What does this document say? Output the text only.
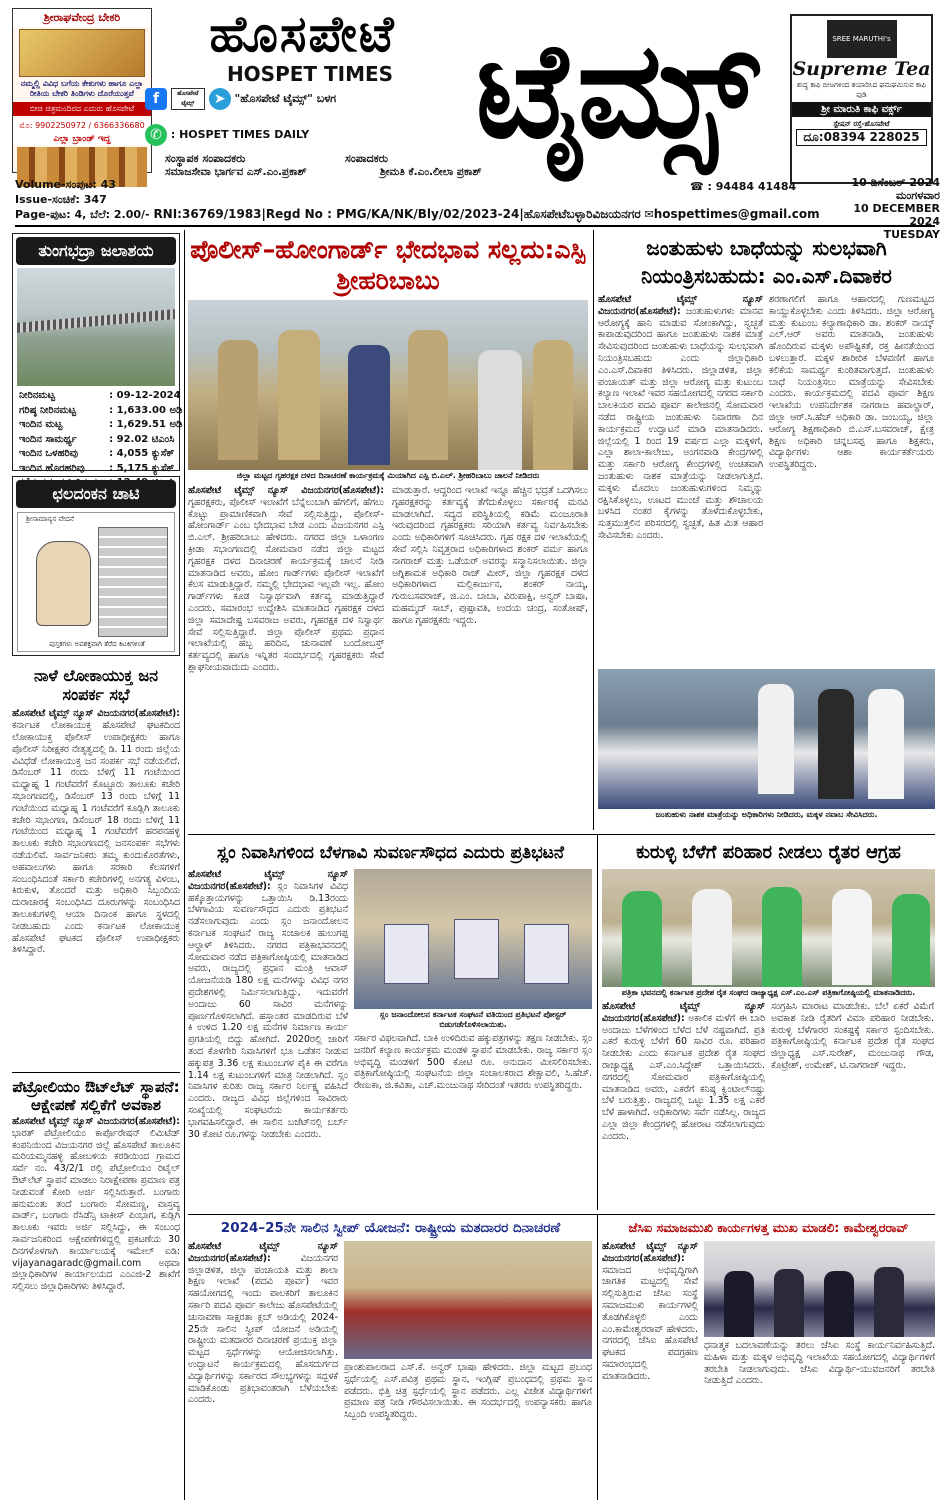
ಶ್ರೀರಾಘವೇಂದ್ರ ಬೇಕರಿ
ನಮ್ಮಲ್ಲಿ ವಿವಿಧ ಬಗೆಯ ಕೇಕುಗಳು ಹಾಗೂ ಎಲ್ಲಾ ರೀತಿಯ ಬೇಕರಿ ತಿಂಡಿಗಳು ದೊರೆಯುತ್ತವೆ
ಬೀಚಿ ಚಿತ್ರಮಂದಿರದ ಎದುರು ಹೊಸಪೇಟೆ
ಮೊ: 9902250972 / 6366336680
ಎಲ್ಲಾ ಬ್ರಾಂಡ್ ಇದ್ದ
ಹೊಸಪೇಟೆ
HOSPET TIMES ಟೈಮ್ಸ್
f	ಹೊಸಪೇಟೆ ಟೈಮ್ಸ್ ➤ "ಹೊಸಪೇಟೆ ಟೈಮ್ಸ್" ಬಳಗ
✆ : HOSPET TIMES DAILY
ಸಂಸ್ಥಾಪಕ ಸಂಪಾದಕರು	ಸಂಪಾದಕರು
ಸಮಾಜಸೇವಾ ಭಾರ್ಗವ ಎಸ್.ಎಂ.ಪ್ರಕಾಶ್	ಶ್ರೀಮತಿ ಕೆ.ಎಂ.ಲೀಲಾ ಪ್ರಕಾಶ್
SREE MARUTHI's
Supreme Tea
ಶುದ್ಧ ಕಾಫಿ ಬೀಜಗಳಿಂದ ತಯಾರಿಸಿದ ಘಮಘಮಿಸುವ ಕಾಫಿ ಪುಡಿ
ಶ್ರೀ ಮಾರುತಿ ಕಾಫಿ ವರ್ಕ್ಸ್
ಸ್ಟೇಷನ್ ರಸ್ತೆ-ಹೊಸಪೇಟೆ
ದೂ:08394 228025
Volume-ಸಂಪುಟ: 43
Issue-ಸಂಚಿಕೆ: 347
☎ : 94484 41484	10 ಡಿಸೆಂಬರ್ 2024
ಮಂಗಳವಾರ
10 DECEMBER 2024
TUESDAY
Page-ಪುಟ: 4, ಬೆಲೆ: 2.00/- RNI:36769/1983|Regd No : PMG/KA/NK/Bly/02/2023-24|ಹೊಸಪೇಟೆಬಳ್ಳಾರಿವಿಜಯನಗರ ✉hospettimes@gmail.com
ತುಂಗಭದ್ರಾ ಜಲಾಶಯ
ನೀರಿನಮಟ್ಟ	: 09-12-2024
ಗರಿಷ್ಠ ನೀರಿನಮಟ್ಟ	: 1,633.00 ಅಡಿ
ಇಂದಿನ ಮಟ್ಟ	: 1,629.51 ಅಡಿ
ಇಂದಿನ ಸಾಮರ್ಥ್ಯ	: 92.02 ಟಿಎಂಸಿ
ಇಂದಿನ ಒಳಹರಿವು	: 4,055 ಕ್ಯುಸೆಕ್
ಇಂದಿನ ಹೊರಹರಿವು	: 5,175 ಕ್ಯುಸೆಕ್

ಛಲದಂಕನ ಚಾಟಿ
ಶ್ರೀಸಾಮಾನ್ಯನ ವೇದನೆ
ಪುಸ್ತಕಗಳು ಅವಶಕ್ತವಾಗಿ ತೆರೆದ ಕಿಟಕಿಗಳಿಂತೆ
ನಾಳೆ ಲೋಕಾಯುಕ್ತ ಜನ ಸಂಪರ್ಕ ಸಭೆ
ಹೊಸಪೇಟೆ ಟೈಮ್ಸ್ ನ್ಯೂಸ್ ವಿಜಯನಗರ(ಹೊಸಪೇಟೆ): ಕರ್ನಾಟಕ ಲೋಕಾಯುಕ್ತ ಹೊಸಪೇಟೆ ಘಟಕದಿಂದ ಲೋಕಾಯುಕ್ತ ಪೊಲೀಸ್ ಉಪಾಧೀಕ್ಷಕರು ಹಾಗೂ ಪೊಲೀಸ್ ನಿರೀಕ್ಷಕರ ನೇತೃತ್ವದಲ್ಲಿ ಡಿ. 11 ರಂದು ಜಿಲ್ಲೆಯ ವಿವಿಧೆಡೆ ಲೋಕಾಯುಕ್ತ ಜನ ಸಂಪರ್ಕ ಸಭೆ ನಡೆಯಲಿದೆ. ಡಿಸೆಂಬರ್ 11 ರಂದು ಬೆಳಿಗ್ಗೆ 11 ಗಂಟೆಯಿಂದ ಮಧ್ಯಾಹ್ನ 1 ಗಂಟೆವರೆಗೆ ಕೊಟ್ಟೂರು ತಾಲೂಕು ಕಚೇರಿ ಸಭಾಂಗಣದಲ್ಲಿ, ಡಿಸೆಂಬರ್ 13 ರಂದು ಬೆಳಿಗ್ಗೆ 11 ಗಂಟೆಯಿಂದ ಮಧ್ಯಾಹ್ನ 1 ಗಂಟೆವರೆಗೆ ಕೂಡ್ಲಿಗಿ ತಾಲೂಕು ಕಚೇರಿ ಸಭಾಂಗಣ, ಡಿಸೆಂಬರ್ 18 ರಂದು ಬೆಳಿಗ್ಗೆ 11 ಗಂಟೆಯಿಂದ ಮಧ್ಯಾಹ್ನ 1 ಗಂಟೆವರೆಗೆ ಹರಪನಹಳ್ಳಿ ತಾಲೂಕು ಕಚೇರಿ ಸಭಾಂಗಣದಲ್ಲಿ ಜನಸಂಪರ್ಕ ಸಭೆಗಳು ನಡೆಯಲಿವೆ. ಸಾರ್ವಜನಿಕರು ತಮ್ಮ ಕುಂದುಕೊರತೆಗಳು, ಅಹವಾಲುಗಳು ಹಾಗೂ ಸರಕಾರಿ ಕೆಲಸಗಳಿಗೆ ಸಂಬಂಧಿಸಿದಂತೆ ಸರ್ಕಾರಿ ಕಚೇರಿಗಳಲ್ಲಿ ಅನಗತ್ಯ ವಿಳಂಬ, ಕಿರುಕುಳ, ತೊಂದರೆ ಮತ್ತು ಅಧಿಕಾರಿ ಸಿಬ್ಬಂದಿಯ ದುರಾಚಾರಕ್ಕೆ ಸಂಬಂಧಿಸಿದ ದೂರುಗಳನ್ನು ಸಂಬಂಧಿಸಿದ ತಾಲೂಕುಗಳಲ್ಲಿ ಆಯಾ ದಿನಾಂಕ ಹಾಗೂ ಸ್ಥಳದಲ್ಲಿ ನೀಡಬಹುದು ಎಂದು ಕರ್ನಾಟಕ ಲೋಕಾಯುಕ್ತ ಹೊಸಪೇಟೆ ಘಟಕದ ಪೊಲೀಸ್ ಉಪಾಧೀಕ್ಷಕರು ತಿಳಿಸಿದ್ದಾರೆ.
ಪೆಟ್ರೋಲಿಯಂ ಔಟ್‌ಲೆಟ್ ಸ್ಥಾಪನೆ: ಆಕ್ಷೇಪಣೆ ಸಲ್ಲಿಕೆಗೆ ಅವಕಾಶ
ಹೊಸಪೇಟೆ ಟೈಮ್ಸ್ ನ್ಯೂಸ್ ವಿಜಯನಗರ(ಹೊಸಪೇಟೆ): ಭಾರತ್ ಪೆಟ್ರೋಲಿಯಂ ಕಾರ್ಪೊರೇಷನ್ ಲಿಮಿಟೆಡ್ ಕಂಪನಿಯಿಂದ ವಿಜಯನಗರ ಜಿಲ್ಲೆ ಹೊಸಪೇಟೆ ತಾಲೂಕಿನ ಮರಿಯಮ್ಮನಹಳ್ಳಿ ಹೋಬಳಿಯ ಕರಡಿಯಿಂದ ಗ್ರಾಮದ ಸರ್ವೆ ನಂ. 43/2/1 ರಲ್ಲಿ ಪೆಟ್ರೋಲಿಯಂ ರಿಟೈಲ್ ಔಟ್‌ಲೆಟ್ ಸ್ಥಾಪನೆ ಮಾಡಲು ನಿರಾಕ್ಷೇಪಣಾ ಪ್ರಮಾಣ ಪತ್ರ ನೀಡುವಂತೆ ಕೋರಿ ಅರ್ಜಿ ಸಲ್ಲಿಸಿರುತ್ತಾರೆ. ಬಂಗಾರು ಹನುಮಂತು ತಂದೆ ಬಂಗಾರು ಸೋಮಣ್ಣ, ವಾಸ್ತವ್ಯ ವಾರ್ಡ್, ಬಂಗಾರು ರೆಸಿಡೆನ್ಸಿ ಟಾಕೀಸ್ ಪಿಂಭಾಗ, ಕುಡ್ಲಿಗಿ ತಾಲೂಕು ಇವರು ಅರ್ಜಿ ಸಲ್ಲಿಸಿದ್ದು, ಈ ಸಂಬಂಧ ಸಾರ್ವಜನಿಕರಿಂದ ಆಕ್ಷೇಪಣೆಗಳಿದ್ದಲ್ಲಿ ಪ್ರಕಟಣೆಯ 30 ದಿನಗಳೊಳಗಾಗಿ ಕಾರ್ಯಾಲಯಕ್ಕೆ ಇಮೇಲ್ ಐಡಿ: vijayanagaradc@gmail.com ಅಥವಾ ಜಿಲ್ಲಾಧಿಕಾರಿಗಳ ಕಾರ್ಯಾಲಯದ ಎಂಎಜಿ-2 ಶಾಖೆಗೆ ಸಲ್ಲಿಸಲು ಜಿಲ್ಲಾಧಿಕಾರಿಗಳು ತಿಳಿಸಿದ್ದಾರೆ.
ಪೊಲೀಸ್–ಹೋಂಗಾರ್ಡ್ ಭೇದಭಾವ ಸಲ್ಲದು:ಎಸ್ಪಿ ಶ್ರೀಹರಿಬಾಬು
ಜಿಲ್ಲಾ ಮಟ್ಟದ ಗೃಹರಕ್ಷಕ ದಳದ ದಿನಾಚರಣೆ ಕಾರ್ಯಕ್ರಮಕ್ಕೆ ಮಿಯಾಗಿದ ಎಸ್ಪಿ ಬಿ.ಎಲ್. ಶ್ರೀಹರಿಬಾಬು ಚಾಲನೆ ನೀಡಿದರು
ಹೊಸಪೇಟೆ ಟೈಮ್ಸ್ ನ್ಯೂಸ್ ವಿಜಯನಗರ(ಹೊಸಪೇಟೆ): ಗೃಹರಕ್ಷಕರು, ಪೊಲೀಸ್ ಇಲಾಖೆಗೆ ಬೆನ್ನೆಲುಬಾಗಿ ಹೆಗಲಿಗೆ, ಹೆಗಲು ಕೊಟ್ಟು ಪ್ರಾಮಾಣಿಕವಾಗಿ ಸೇವೆ ಸಲ್ಲಿಸುತ್ತಿದ್ದು, ಪೊಲೀಸ್-ಹೋಂಗಾರ್ಡ್ ಎಂಬ ಭೇದಭಾವ ಬೇಡ ಎಂದು ವಿಜಯನಗರ ಎಸ್ಪಿ ಬಿ.ಎಲ್. ಶ್ರೀಹರಿಬಾಬು ಹೇಳಿದರು. ನಗರದ ಜಿಲ್ಲಾ ಒಳಾಂಗಣ ಕ್ರೀಡಾ ಸಭಾಂಗಣದಲ್ಲಿ ಸೋಮವಾರ ನಡೆದ ಜಿಲ್ಲಾ ಮಟ್ಟದ ಗೃಹರಕ್ಷಕ ದಳದ ದಿನಾಚರಣೆ ಕಾರ್ಯಕ್ರಮಕ್ಕೆ ಚಾಲನೆ ನೀಡಿ ಮಾತನಾಡಿದ ಅವರು, ಹೋಂ ಗಾರ್ಡ್‌ಗಳು ಪೊಲೀಸ್ ಇಲಾಖೆಗೆ ಕೆಲಸ ಮಾಡುತ್ತಿದ್ದಾರೆ. ನಮ್ಮಲ್ಲಿ ಭೇದಭಾವ ಇಲ್ಲವೇ ಇಲ್ಲ. ಹೋಂ ಗಾರ್ಡ್‌ಗಳು ಕೂಡ ನಿಸ್ವಾರ್ಥವಾಗಿ ಕರ್ತವ್ಯ ಮಾಡುತ್ತಿದ್ದಾರೆ ಎಂದರು. ಸಮಾರಂಭ ಉದ್ದೇಶಿಸಿ ಮಾತನಾಡಿದ ಗೃಹರಕ್ಷಕ ದಳದ ಜಿಲ್ಲಾ ಸಮಾದೇಷ್ಟ ಬಸವರಾಜ ಅವರು, ಗೃಹರಕ್ಷಕ ದಳ ನಿಸ್ವಾರ್ಥ ಸೇವೆ ಸಲ್ಲಿಸುತ್ತಿದ್ದಾರೆ. ಜಿಲ್ಲಾ ಪೊಲೀಸ್ ಪ್ರಥಮ ಪ್ರಧಾನ ಇಲಾಖೆಯಲ್ಲಿ ಹಬ್ಬ ಹರಿದಿನ, ಚುನಾವಣೆ ಬಂದೋಬಸ್ತ್ ಕರ್ತವ್ಯದಲ್ಲಿ ಹಾಗೂ ಇನ್ನಿತರ ಸಂದರ್ಭದಲ್ಲಿ ಗೃಹರಕ್ಷಕರು ಸೇವೆ ಶ್ಲಾಘನೀಯವಾದುದು ಎಂದರು.
ಮಾಡುತ್ತಾರೆ. ಆದ್ದರಿಂದ ಇಲಾಖೆ ಇನ್ನೂ ಹೆಚ್ಚಿನ ಭದ್ರತೆ ಒದಗಿಸಲು ಗೃಹರಕ್ಷಕರನ್ನು ಕರ್ತವ್ಯಕ್ಕೆ ತೆಗೆದುಕೊಳ್ಳಲು ಸರ್ಕಾರಕ್ಕೆ ಮನವಿ ಮಾಡಲಾಗಿದೆ. ಸದ್ಯದ ಪರಿಸ್ಥಿತಿಯಲ್ಲಿ ಕಡಿಮೆ ಮಂಜೂರಾತಿ ಇರುವುದರಿಂದ ಗೃಹರಕ್ಷಕರು ಸರಿಯಾಗಿ ಕರ್ತವ್ಯ ನಿರ್ವಹಿಸಬೇಕು ಎಂದು ಅಧಿಕಾರಿಗಳಿಗೆ ಸೂಚಿಸಿದರು. ಗೃಹ ರಕ್ಷಕ ದಳ ಇಲಾಖೆಯಲ್ಲಿ ಸೇವೆ ಸಲ್ಲಿಸಿ ನಿವೃತ್ತರಾದ ಅಧಿಕಾರಿಗಳಾದ ಶಂಕರ್ ವರ್ಮ ಹಾಗೂ ನಾಗರಾಜ್ ಮತ್ತು ಒಡೆಯರ್ ಅವರನ್ನು ಸನ್ಮಾನಿಸಲಾಯಿತು. ಜಿಲ್ಲಾ ಅಗ್ನಿಶಾಮಕ ಅಧಿಕಾರಿ ರಾಜ್ ಮೀರ್, ಜಿಲ್ಲಾ ಗೃಹರಕ್ಷಕ ದಳದ ಅಧಿಕಾರಿಗಳಾದ ಮಲ್ಲಿಕಾರ್ಜುನ, ಶಂಕರ್ ನಾಯ್ಕ, ಗುರುಬಸವರಾಜ್, ಜಿ.ಎಂ. ಬಾಬಾ, ವಿರುಪಾಕ್ಷಿ, ಅನ್ವರ್ ಬಾಷಾ, ಮಹಮ್ಮದ್ ಸಾಬ್, ಪುಷ್ಪಾವತಿ, ಉದಯ ಚಂದ್ರ, ಸಂತೋಷ್, ಹಾಗೂ ಗೃಹರಕ್ಷಕರು ಇದ್ದರು.
ಜಂತುಹುಳು ಬಾಧೆಯನ್ನು ಸುಲಭವಾಗಿ ನಿಯಂತ್ರಿಸಬಹುದು: ಎಂ.ಎಸ್.ದಿವಾಕರ
ಹೊಸಪೇಟೆ ಟೈಮ್ಸ್ ನ್ಯೂಸ್ ವಿಜಯನಗರ(ಹೊಸಪೇಟೆ): ಜಂತುಹುಳುಗಳು ಮಾನವ ಆರೋಗ್ಯಕ್ಕೆ ಹಾನಿ ಮಾಡುವ ಸೋಂಕಾಗಿದ್ದು, ಸ್ವಚ್ಛತೆ ಕಾಪಾಡುವುದರಿಂದ ಹಾಗೂ ಜಂತುಹುಳು ನಾಶಕ ಮಾತ್ರೆ ಸೇವಿಸುವುದರಿಂದ ಜಂತುಹುಳು ಬಾಧೆಯನ್ನು ಸುಲಭವಾಗಿ ನಿಯಂತ್ರಿಸಬಹುದು ಎಂದು ಜಿಲ್ಲಾಧಿಕಾರಿ ಎಂ.ಎಸ್.ದಿವಾಕರ ತಿಳಿಸಿದರು. ಜಿಲ್ಲಾಡಳಿತ, ಜಿಲ್ಲಾ ಪಂಚಾಯತ್ ಮತ್ತು ಜಿಲ್ಲಾ ಆರೋಗ್ಯ ಮತ್ತು ಕುಟುಂಬ ಕಲ್ಯಾಣ ಇಲಾಖೆ ಇವರ ಸಹಯೋಗದಲ್ಲಿ ನಗರದ ಸರ್ಕಾರಿ ಬಾಲಕಿಯರ ಪದವಿ ಪೂರ್ವ ಕಾಲೇಜಿನಲ್ಲಿ ಸೋಮವಾರ ನಡೆದ ರಾಷ್ಟ್ರೀಯ ಜಂತುಹುಳು ನಿವಾರಣಾ ದಿನ ಕಾರ್ಯಕ್ರಮದ ಉದ್ಘಾಟನೆ ಮಾಡಿ ಮಾತನಾಡಿದರು. ಜಿಲ್ಲೆಯಲ್ಲಿ 1 ರಿಂದ 19 ವರ್ಷದ ಎಲ್ಲಾ ಮಕ್ಕಳಿಗೆ, ಎಲ್ಲಾ ಶಾಲಾ-ಕಾಲೇಜು, ಅಂಗನವಾಡಿ ಕೇಂದ್ರಗಳಲ್ಲಿ ಮತ್ತು ಸರ್ಕಾರಿ ಆರೋಗ್ಯ ಕೇಂದ್ರಗಳಲ್ಲಿ ಉಚಿತವಾಗಿ ಜಂತುಹುಳು ನಾಶಕ ಮಾತ್ರೆಯನ್ನು ನೀಡಲಾಗುತ್ತಿದೆ. ಮಕ್ಕಳು ಮೊದಲು ಜಂತುಹುಳುಗಳಿಂದ ನಿಮ್ಮನ್ನು ರಕ್ಷಿಸಿಕೊಳ್ಳಲು, ಊಟದ ಮುಂಚೆ ಮತ್ತು ಶೌಚಾಲಯ ಬಳಸಿದ ನಂತರ ಕೈಗಳನ್ನು ತೊಳೆದುಕೊಳ್ಳಬೇಕು, ಸುತ್ತಮುತ್ತಲಿನ ಪರಿಸರದಲ್ಲಿ ಸ್ವಚ್ಛತೆ, ಹಿತ ಮಿತ ಆಹಾರ ಸೇವಿಸಬೇಕು ಎಂದರು.
ಶರಣಾಗಲಿಗೆ ಹಾಗೂ ಆಹಾರದಲ್ಲಿ ಗುಣಮಟ್ಟದ ಕಾಯ್ದುಕೊಳ್ಳಬೇಕು ಎಂದು ತಿಳಿಸಿದರು. ಜಿಲ್ಲಾ ಆರೋಗ್ಯ ಮತ್ತು ಕುಟುಂಬ ಕಲ್ಯಾಣಾಧಿಕಾರಿ ಡಾ. ಶಂಕರ್ ನಾಯ್ಕ್ ಎಲ್.ಆರ್ ಅವರು ಮಾತನಾಡಿ, ಜಂತುಹುಳು ಹೊಂದಿರುವ ಮಕ್ಕಳು ಅಪೌಷ್ಟಿಕತೆ, ರಕ್ತ ಹೀನತೆಯಿಂದ ಬಳಲುತ್ತಾರೆ. ಮಕ್ಕಳ ಶಾರೀರಿಕ ಬೆಳವಣಿಗೆ ಹಾಗೂ ಕಲಿಕೆಯ ಸಾಮರ್ಥ್ಯ ಕುಂಠಿತವಾಗುತ್ತದೆ. ಜಂತುಹುಳು ಬಾಧೆ ನಿಯಂತ್ರಿಸಲು ಮಾತ್ರೆಯನ್ನು ಸೇವಿಸಬೇಕು ಎಂದರು. ಕಾರ್ಯಕ್ರಮದಲ್ಲಿ ಪದವಿ ಪೂರ್ವ ಶಿಕ್ಷಣ ಇಲಾಖೆಯ ಉಪನಿರ್ದೇಶಕ ನಾಗರಾಜ ಹವಾಲ್ದಾರ್, ಜಿಲ್ಲಾ ಆರ್.ಸಿ.ಹೆಚ್ ಅಧಿಕಾರಿ ಡಾ. ಜಂಬಯ್ಯ, ಜಿಲ್ಲಾ ಆರೋಗ್ಯ ಶಿಕ್ಷಣಾಧಿಕಾರಿ ಬಿ.ಎಸ್.ಬಸವರಾಜ್, ಕ್ಷೇತ್ರ ಶಿಕ್ಷಣ ಅಧಿಕಾರಿ ಚನ್ನಬಸಪ್ಪ ಹಾಗೂ ಶಿಕ್ಷಕರು, ವಿದ್ಯಾರ್ಥಿಗಳು ಆಶಾ ಕಾರ್ಯಕರ್ತೆಯರು ಉಪಸ್ಥಿತರಿದ್ದರು.
ಜಂತುಹುಳು ನಾಶಕ ಮಾತ್ರೆಯನ್ನು ಅಧಿಕಾರಿಗಳು ನೀಡಿದರು, ಮಕ್ಕಳ ನವಾಬ ಸೇವಿಸಿದರು.
ಸ್ಲಂ ನಿವಾಸಿಗಳಿಂದ ಬೆಳಗಾವಿ ಸುವರ್ಣಸೌಧದ ಎದುರು ಪ್ರತಿಭಟನೆ
ಹೊಸಪೇಟೆ ಟೈಮ್ಸ್ ನ್ಯೂಸ್ ವಿಜಯನಗರ(ಹೊಸಪೇಟೆ): ಸ್ಲಂ ನಿವಾಸಿಗಳ ವಿವಿಧ ಹಕ್ಕೊತ್ತಾಯಗಳನ್ನು ಒತ್ತಾಯಿಸಿ ಡಿ.13ರಂದು ಬೆಳಗಾವಿಯ ಸುವರ್ಣಸೌಧದ ಎದುರು ಪ್ರತಿಭಟನೆ ನಡೆಸಲಾಗುವುದು ಎಂದು ಸ್ಲಂ ಜನಾಂದೋಲನ ಕರ್ನಾಟಕ ಸಂಘಟನೆ ರಾಜ್ಯ ಸಂಚಾಲಕ ಹುಲುಗಪ್ಪ ಆಲ್ದಾಳ್ ತಿಳಿಸಿದರು. ನಗರದ ಪತ್ರಿಕಾಭವನದಲ್ಲಿ ಸೋಮವಾರ ನಡೆದ ಪತ್ರಿಕಾಗೋಷ್ಠಿಯಲ್ಲಿ ಮಾತನಾಡಿದ ಅವರು, ರಾಜ್ಯದಲ್ಲಿ ಪ್ರಧಾನ ಮಂತ್ರಿ ಆವಾಸ್ ಯೋಜನೆಯಡಿ 180 ಲಕ್ಷ ಮನೆಗಳನ್ನು ವಿವಿಧ ನಗರ ಪ್ರದೇಶಗಳಲ್ಲಿ ನಿರ್ಮಿಸಲಾಗುತ್ತಿದ್ದು, ಇದುವರೆಗೆ ಅಂದಾಜು 60 ಸಾವಿರ ಮನೆಗಳನ್ನು ಪೂರ್ಣಗೊಳಿಸಲಾಗಿದೆ. ಹಸ್ತಾಂತರ ಮಾಡದಿರುವ ಬೆಳೆ ಕಿ ಉಳಿದ 1.20 ಲಕ್ಷ ಮನೆಗಳ ನಿರ್ಮಾಣ ಕಾರ್ಯ ಪ್ರಗತಿಯಲ್ಲಿ ಬಿದ್ದು ಹೋಗಿದೆ. 2020ರಲ್ಲಿ ಜಾರಿಗೆ ತಂದ ಕೊಳಗೇರಿ ನಿವಾಸಿಗಳಿಗೆ ಭೂ ಒಡೆತನ ನೀಡುವ ಹಕ್ಕುಪತ್ರ 3.36 ಲಕ್ಷ ಕುಟುಂಬಗಳ ಪೈಕಿ ಈ ವರೆಗೂ 1.14 ಲಕ್ಷ ಕುಟುಂಬಗಳಿಗೆ ಮಾತ್ರ ನೀಡಲಾಗಿದೆ. ಸ್ಲಂ ನಿವಾಸಿಗಳ ಕುರಿತು ರಾಜ್ಯ ಸರ್ಕಾರ ನಿರ್ಲಕ್ಷ್ಯ ವಹಿಸಿದೆ ಎಂದರು. ರಾಜ್ಯದ ವಿವಿಧ ಜಿಲ್ಲೆಗಳಿಂದ ಸಾವಿರಾರು ಸಂಖ್ಯೆಯಲ್ಲಿ ಸಂಘಟನೆಯ ಕಾರ್ಯಕರ್ತರು ಭಾಗವಹಿಸಲಿದ್ದಾರೆ. ಈ ಸಾಲಿನ ಬಜೆಟ್‌ನಲ್ಲಿ ಬರ್ಬ್ 30 ಕೋಟಿ ರೂ.ಗಳನ್ನು ನೀಡಬೇಕು ಎಂದರು.
ಸ್ಲಂ ಜನಾಂದೋಲನ ಕರ್ನಾಟಕ ಸಂಘಟನೆ ವತಿಯಿಂದ ಪ್ರತಿಭಟನೆ ಪೋಸ್ಟರ್ ಬಿಡುಗಡೆಗೊಳಿಸಲಾಯಿತು.
ಸರ್ಕಾರ ವಿಫಲವಾಗಿದೆ. ಬಾಕಿ ಉಳಿದಿರುವ ಹಕ್ಕುಪತ್ರಗಳನ್ನು ತಕ್ಷಣ ನೀಡಬೇಕು. ಸ್ಲಂ ಜನರಿಗೆ ಕಲ್ಯಾಣ ಕಾರ್ಯಕ್ರಮ ಮಂಡಳಿ ಸ್ಥಾಪನೆ ಮಾಡಬೇಕು. ರಾಜ್ಯ ಸರ್ಕಾರ ಸ್ಲಂ ಅಭಿವೃದ್ಧಿ ಮಂಡಳಿಗೆ 500 ಕೋಟಿ ರೂ. ಅನುದಾನ ಮೀಸಲಿರಿಸಬೇಕು. ಪತ್ರಿಕಾಗೋಷ್ಠಿಯಲ್ಲಿ ಸಂಘಟನೆಯ ಜಿಲ್ಲಾ ಸಂಚಾಲಕರಾದ ಶೇಕ್ಷಾವಲಿ, ಸಿ.ಹೆಚ್. ರೇಣುಕಾ, ಜಿ.ಕವಿತಾ, ಎಚ್.ಮಂಜುನಾಥ ಸೇರಿದಂತೆ ಇತರರು ಉಪಸ್ಥಿತರಿದ್ದರು.
ಕುರುಳ್ಳಿ ಬೆಳೆಗೆ ಪರಿಹಾರ ನೀಡಲು ರೈತರ ಆಗ್ರಹ
ಪತ್ರಿಕಾ ಭವನದಲ್ಲಿ ಕರ್ನಾಟಕ ಪ್ರದೇಶ ರೈತ ಸಂಘದ ರಾಜ್ಯಾಧ್ಯಕ್ಷ ಎಸ್.ಎಂ.ಎಸ್ ಪತ್ರಿಕಾಗೋಷ್ಠಿಯಲ್ಲಿ ಮಾತನಾಡಿದರು.
ಹೊಸಪೇಟೆ ಟೈಮ್ಸ್ ನ್ಯೂಸ್ ವಿಜಯನಗರ(ಹೊಸಪೇಟೆ): ಅಕಾಲಿಕ ಮಳೆಗೆ ಈ ಬಾರಿ ಅಂದಾಜು ಬೆಳೆಗಳಿಂದ ಬೆಳೆದ ಬೆಳೆ ನಷ್ಟವಾಗಿದೆ. ಪ್ರತಿ ಎಕರೆ ಕುರುಳ್ಳಿ ಬೆಳೆಗೆ 60 ಸಾವಿರ ರೂ. ಪರಿಹಾರ ನೀಡಬೇಕು ಎಂದು ಕರ್ನಾಟಕ ಪ್ರದೇಶ ರೈತ ಸಂಘದ ರಾಜ್ಯಾಧ್ಯಕ್ಷ ಎಸ್.ಎಂ.ಸಿದ್ದೇಶ್ ಒತ್ತಾಯಿಸಿದರು. ನಗರದಲ್ಲಿ ಸೋಮವಾರ ಪತ್ರಿಕಾಗೋಷ್ಠಿಯಲ್ಲಿ ಮಾತನಾಡಿದ ಅವರು, ಎಕರೆಗೆ ಕನಿಷ್ಠ ಕ್ವಿಂಟಾಲ್‌ನಷ್ಟು ಬೆಳೆ ಬರುತ್ತಿತ್ತು. ರಾಜ್ಯದಲ್ಲಿ ಒಟ್ಟು 1.35 ಲಕ್ಷ ಎಕರೆ ಬೆಳೆ ಹಾಳಾಗಿದೆ. ಅಧಿಕಾರಿಗಳು ಸರ್ವೆ ನಡೆಸಿಲ್ಲ. ರಾಜ್ಯದ ಎಲ್ಲಾ ಜಿಲ್ಲಾ ಕೇಂದ್ರಗಳಲ್ಲಿ ಹೋರಾಟ ನಡೆಸಲಾಗುವುದು ಎಂದರು.
ಸಂಗ್ರಹಿಸಿ ಮಾರಾಟ ಮಾಡಬೇಕು. ಬೆಲೆ ಏಕರೆ ವಿಮೆಗೆ ಅವಕಾಶ ನೀಡಿ ರೈತರಿಗೆ ವಿಮಾ ಪರಿಹಾರ ನೀಡಬೇಕು. ಕುರುಳ್ಳಿ ಬೆಳೆಗಾರರ ಸಂಕಷ್ಟಕ್ಕೆ ಸರ್ಕಾರ ಸ್ಪಂದಿಸಬೇಕು. ಪತ್ರಿಕಾಗೋಷ್ಠಿಯಲ್ಲಿ ಕರ್ನಾಟಕ ಪ್ರದೇಶ ರೈತ ಸಂಘದ ಜಿಲ್ಲಾಧ್ಯಕ್ಷ ಎಸ್.ಸುರೇಶ್, ಮಂಜುನಾಥ ಗೌಡ, ಕೊಟ್ರೇಶ್, ಉಮೇಶ್, ಟಿ.ನಾಗರಾಜ್ ಇದ್ದರು.
2024–25ನೇ ಸಾಲಿನ ಸ್ವೀಪ್ ಯೋಜನೆ: ರಾಷ್ಟ್ರೀಯ ಮತದಾರರ ದಿನಾಚರಣೆ
ಹೊಸಪೇಟೆ ಟೈಮ್ಸ್ ನ್ಯೂಸ್ ವಿಜಯನಗರ(ಹೊಸಪೇಟೆ):	ವಿಜಯನಗರ ಜಿಲ್ಲಾಡಳಿತ, ಜಿಲ್ಲಾ ಪಂಚಾಯತಿ ಮತ್ತು ಶಾಲಾ ಶಿಕ್ಷಣ ಇಲಾಖೆ (ಪದವಿ ಪೂರ್ವ) ಇವರ ಸಹಯೋಗದಲ್ಲಿ ಇಂದು ಪಾಲಕರಿಗೆ ತಾಲೂಕಿನ ಸರ್ಕಾರಿ ಪದವಿ ಪೂರ್ವ ಕಾಲೇಜು ಹೊಸಪೇಟೆಯಲ್ಲಿ ಚುನಾವಣಾ ಸಾಕ್ಷರತಾ ಕ್ಲಬ್ ಅಡಿಯಲ್ಲಿ 2024-25ನೇ ಸಾಲಿನ ಸ್ವೀಪ್ ಯೋಜನೆ ಅಡಿಯಲ್ಲಿ ರಾಷ್ಟ್ರೀಯ ಮತದಾರರ ದಿನಾಚರಣೆ ಪ್ರಯುಕ್ತ ಜಿಲ್ಲಾ ಮಟ್ಟದ ಸ್ಪರ್ಧೆಗಳನ್ನು ಆಯೋಜಿಸಲಾಗಿತ್ತು. ಉದ್ಘಾಟನೆ ಕಾರ್ಯಕ್ರಮದಲ್ಲಿ ಹೊಸದುರ್ಗದ ವಿದ್ಯಾರ್ಥಿಗಳನ್ನು ಸರ್ಕಾರದ ಸೌಲಭ್ಯಗಳನ್ನು ಸದ್ಬಳಕೆ ಮಾಡಿಕೊಂಡು ಪ್ರತಿಭಾವಂತರಾಗಿ ಬೆಳೆಯಬೇಕು ಎಂದರು.
ಪ್ರಾಂಶುಪಾಲರಾದ ಎಸ್.ಕೆ. ಅನ್ವರ್ ಭಾಷಾ ಹೇಳಿದರು. ಜಿಲ್ಲಾ ಮಟ್ಟದ ಪ್ರಬಂಧ ಸ್ಪರ್ಧೆಯಲ್ಲಿ ಎಸ್.ಪವಿತ್ರ ಪ್ರಥಮ ಸ್ಥಾನ, ಇಂಗ್ಲಿಷ್ ಪ್ರಬಂಧದಲ್ಲಿ ಪ್ರಥಮ ಸ್ಥಾನ ಪಡೆದರು. ಭಿತ್ತಿ ಚಿತ್ರ ಸ್ಪರ್ಧೆಯಲ್ಲಿ ಸ್ಥಾನ ಪಡೆದರು. ಎಲ್ಲ ವಿಜೇತ ವಿದ್ಯಾರ್ಥಿಗಳಿಗೆ ಪ್ರಮಾಣ ಪತ್ರ ನೀಡಿ ಗೌರವಿಸಲಾಯಿತು. ಈ ಸಂದರ್ಭದಲ್ಲಿ ಉಪನ್ಯಾಸಕರು ಹಾಗೂ ಸಿಬ್ಬಂದಿ ಉಪಸ್ಥಿತರಿದ್ದರು.
ಜೆಸಿಐ ಸಮಾಜಮುಖಿ ಕಾರ್ಯಗಳತ್ತ ಮುಖ ಮಾಡಲಿ: ಕಾಮೇಶ್ವರರಾವ್
ಹೊಸಪೇಟೆ ಟೈಮ್ಸ್ ನ್ಯೂಸ್ ವಿಜಯನಗರ(ಹೊಸಪೇಟೆ): ಸಮಾಜದ ಅಭಿವೃದ್ಧಿಗಾಗಿ ಜಾಗತಿಕ ಮಟ್ಟದಲ್ಲಿ ಸೇವೆ ಸಲ್ಲಿಸುತ್ತಿರುವ ಜೆಸಿಐ ಸಂಸ್ಥೆ ಸಮಾಜಮುಖಿ ಕಾರ್ಯಗಳಲ್ಲಿ ತೊಡಗಿಕೊಳ್ಳಲಿ ಎಂದು ಎಂ.ಕಾಮೇಶ್ವರರಾವ್ ಹೇಳಿದರು. ನಗರದಲ್ಲಿ ಜೆಸಿಐ ಹೊಸಪೇಟೆ ಘಟಕದ ಪದಗ್ರಹಣ ಸಮಾರಂಭದಲ್ಲಿ ಮಾತನಾಡಿದರು.
ಧನಾತ್ಮಕ ಬದಲಾವಣೆಯನ್ನು ತರಲು ಜೆಸಿಐ ಸಂಸ್ಥೆ ಕಾರ್ಯನಿರ್ವಹಿಸುತ್ತಿದೆ. ಮಹಿಳಾ ಮತ್ತು ಮಕ್ಕಳ ಅಭಿವೃದ್ಧಿ ಇಲಾಖೆಯ ಸಹಯೋಗದಲ್ಲಿ ವಿದ್ಯಾರ್ಥಿಗಳಿಗೆ ತರಬೇತಿ ನೀಡಲಾಗುವುದು. ಜೆಸಿಐ ವಿದ್ಯಾರ್ಥಿ-ಯುವಜನರಿಗೆ ತರಬೇತಿ ನೀಡುತ್ತಿದೆ ಎಂದರು.
